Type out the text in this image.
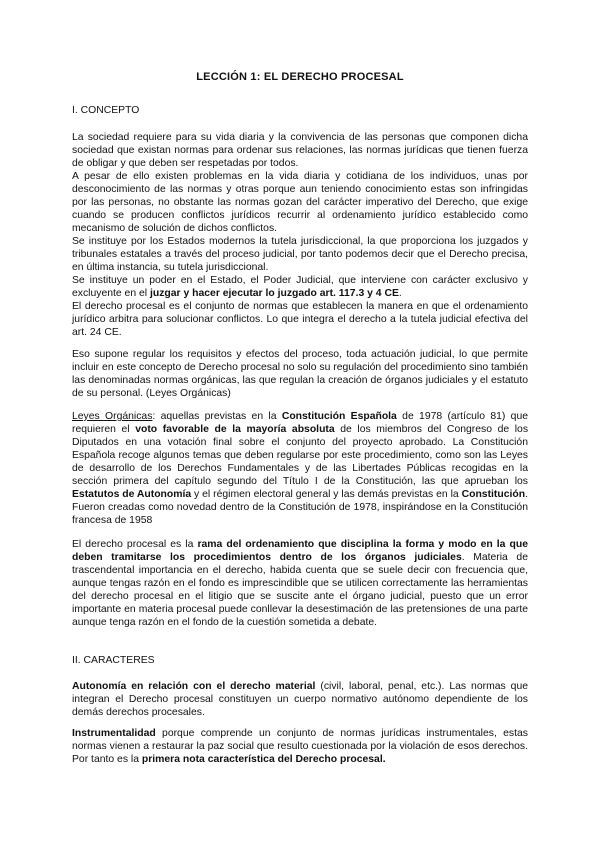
LECCIÓN 1: EL DERECHO PROCESAL
I. CONCEPTO
La sociedad requiere para su vida diaria y la convivencia de las personas que componen dicha sociedad que existan normas para ordenar sus relaciones, las normas jurídicas que tienen fuerza de obligar y que deben ser respetadas por todos.
A pesar de ello existen problemas en la vida diaria y cotidiana de los individuos, unas por desconocimiento de las normas y otras porque aun teniendo conocimiento estas son infringidas por las personas, no obstante las normas gozan del carácter imperativo del Derecho, que exige cuando se producen conflictos jurídicos recurrir al ordenamiento jurídico establecido como mecanismo de solución de dichos conflictos.
Se instituye por los Estados modernos la tutela jurisdiccional, la que proporciona los juzgados y tribunales estatales a través del proceso judicial, por tanto podemos decir que el Derecho precisa, en última instancia, su tutela jurisdiccional.
Se instituye un poder en el Estado, el Poder Judicial, que interviene con carácter exclusivo y excluyente en el juzgar y hacer ejecutar lo juzgado art. 117.3 y 4 CE.
El derecho procesal es el conjunto de normas que establecen la manera en que el ordenamiento jurídico arbitra para solucionar conflictos. Lo que integra el derecho a la tutela judicial efectiva del art. 24 CE.
Eso supone regular los requisitos y efectos del proceso, toda actuación judicial, lo que permite incluir en este concepto de Derecho procesal no solo su regulación del procedimiento sino también las denominadas normas orgánicas, las que regulan la creación de órganos judiciales y el estatuto de su personal. (Leyes Orgánicas)
Leyes Orgánicas: aquellas previstas en la Constitución Española de 1978 (artículo 81) que requieren el voto favorable de la mayoría absoluta de los miembros del Congreso de los Diputados en una votación final sobre el conjunto del proyecto aprobado. La Constitución Española recoge algunos temas que deben regularse por este procedimiento, como son las Leyes de desarrollo de los Derechos Fundamentales y de las Libertades Públicas recogidas en la sección primera del capítulo segundo del Título I de la Constitución, las que aprueban los Estatutos de Autonomía y el régimen electoral general y las demás previstas en la Constitución. Fueron creadas como novedad dentro de la Constitución de 1978, inspirándose en la Constitución francesa de 1958
El derecho procesal es la rama del ordenamiento que disciplina la forma y modo en la que deben tramitarse los procedimientos dentro de los órganos judiciales. Materia de trascendental importancia en el derecho, habida cuenta que se suele decir con frecuencia que, aunque tengas razón en el fondo es imprescindible que se utilicen correctamente las herramientas del derecho procesal en el litigio que se suscite ante el órgano judicial, puesto que un error importante en materia procesal puede conllevar la desestimación de las pretensiones de una parte aunque tenga razón en el fondo de la cuestión sometida a debate.
II. CARACTERES
Autonomía en relación con el derecho material (civil, laboral, penal, etc.). Las normas que integran el Derecho procesal constituyen un cuerpo normativo autónomo dependiente de los demás derechos procesales.
Instrumentalidad porque comprende un conjunto de normas jurídicas instrumentales, estas normas vienen a restaurar la paz social que resulto cuestionada por la violación de esos derechos. Por tanto es la primera nota característica del Derecho procesal.
